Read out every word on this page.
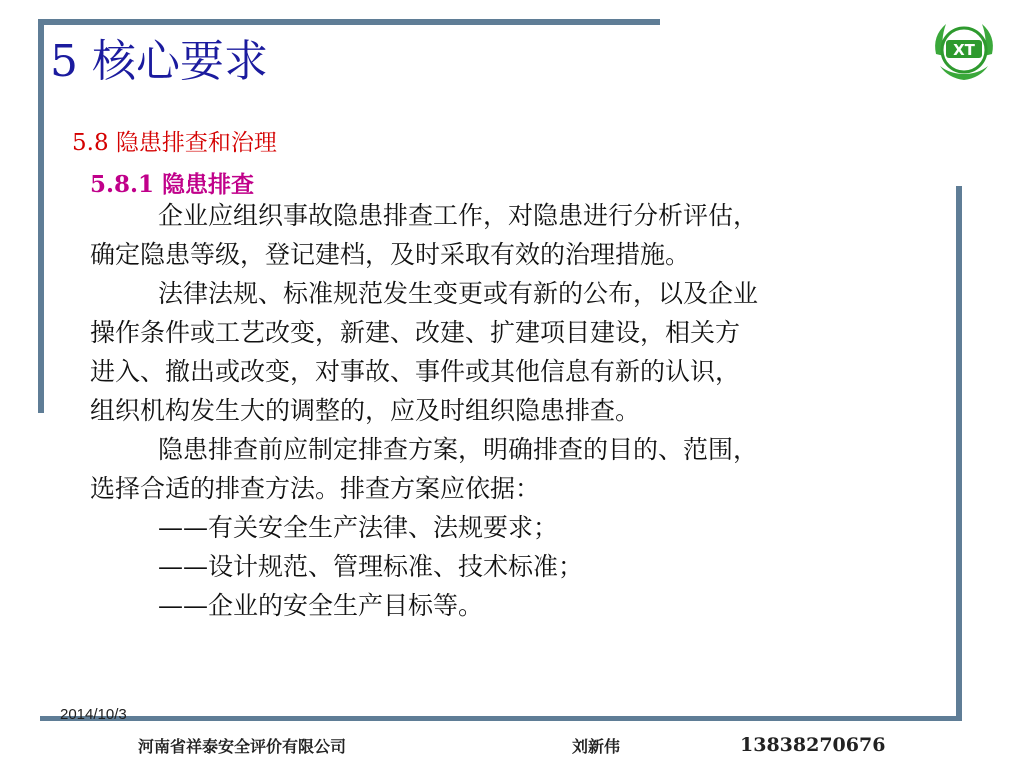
XT
5 核心要求
5.8 隐患排查和治理
5.8.1 隐患排查
企业应组织事故隐患排查工作，对隐患进行分析评估，
确定隐患等级，登记建档，及时采取有效的治理措施。
法律法规、标准规范发生变更或有新的公布，以及企业
操作条件或工艺改变，新建、改建、扩建项目建设，相关方
进入、撤出或改变，对事故、事件或其他信息有新的认识，
组织机构发生大的调整的，应及时组织隐患排查。
隐患排查前应制定排查方案，明确排查的目的、范围，
选择合适的排查方法。排查方案应依据：
——有关安全生产法律、法规要求；
——设计规范、管理标准、技术标准；
——企业的安全生产目标等。
2014/10/3
河南省祥泰安全评价有限公司	刘新伟	13838270676
